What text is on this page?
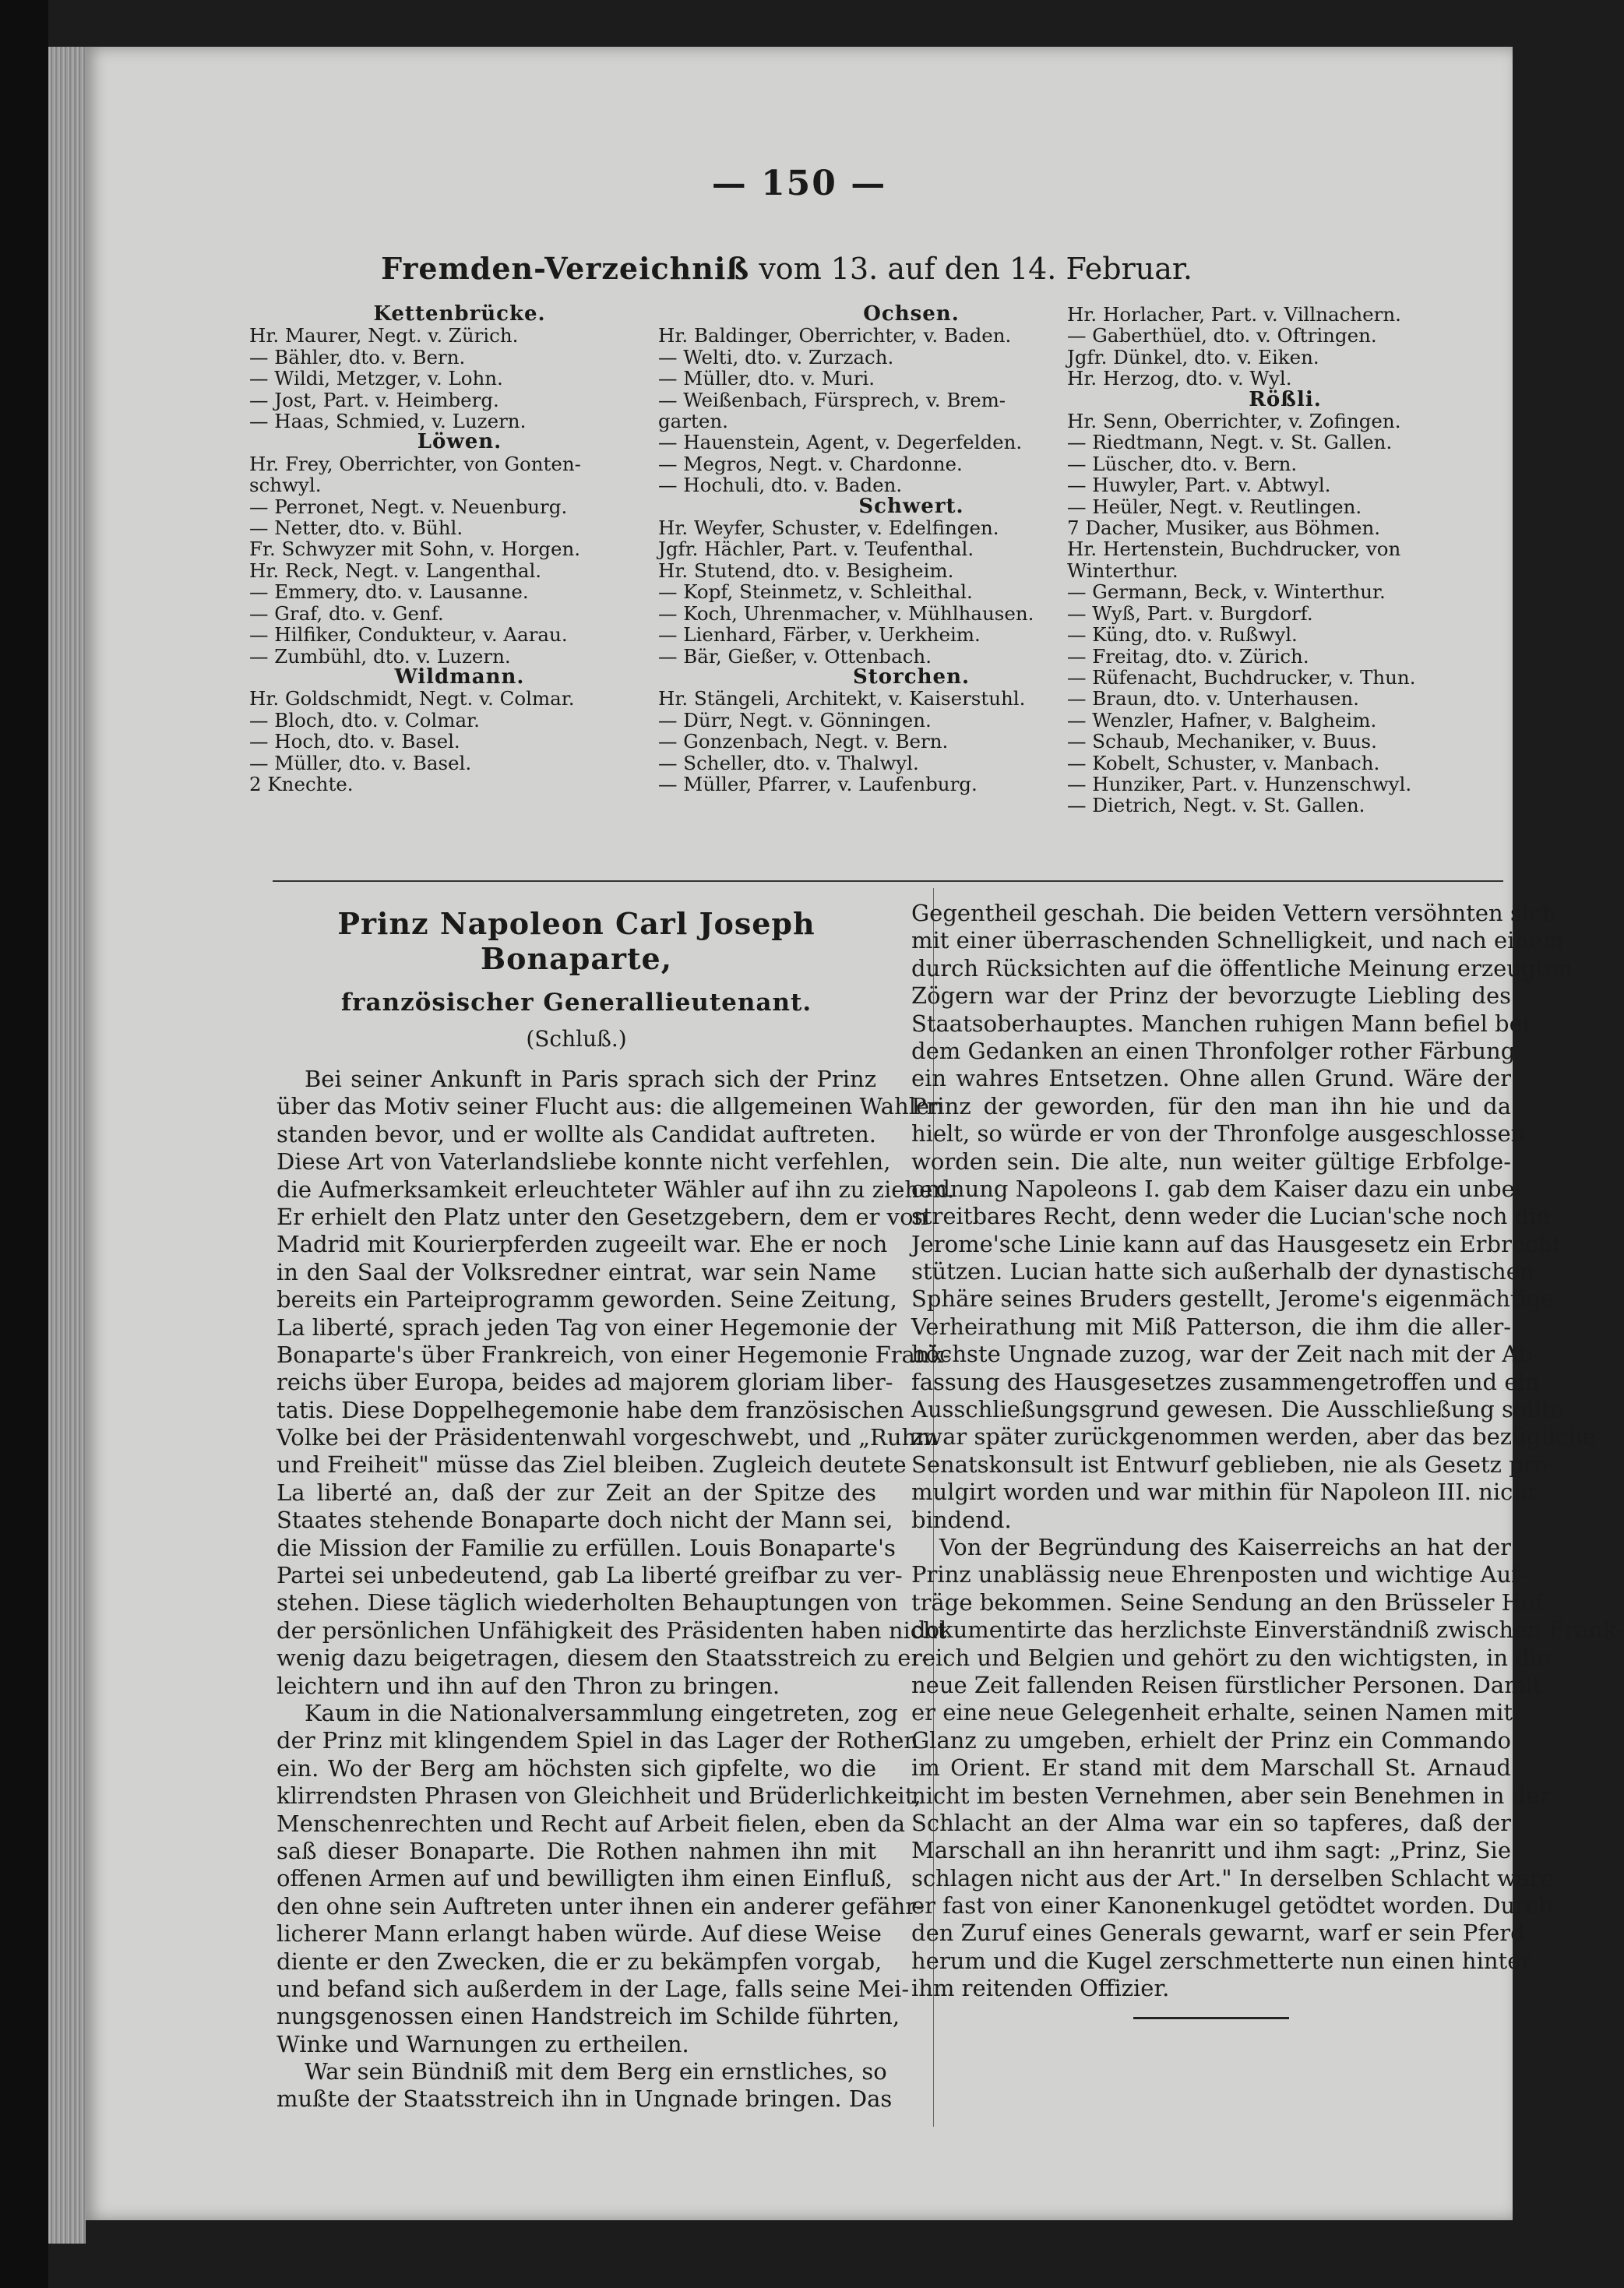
— 150 —
Fremden-Verzeichniß vom 13. auf den 14. Februar.
Kettenbrücke.
Hr. Maurer, Negt. v. Zürich.
— Bähler, dto. v. Bern.
— Wildi, Metzger, v. Lohn.
— Jost, Part. v. Heimberg.
— Haas, Schmied, v. Luzern.
Löwen.
Hr. Frey, Oberrichter, von Gonten-
schwyl.
— Perronet, Negt. v. Neuenburg.
— Netter, dto. v. Bühl.
Fr. Schwyzer mit Sohn, v. Horgen.
Hr. Reck, Negt. v. Langenthal.
— Emmery, dto. v. Lausanne.
— Graf, dto. v. Genf.
— Hilfiker, Condukteur, v. Aarau.
— Zumbühl, dto. v. Luzern.
Wildmann.
Hr. Goldschmidt, Negt. v. Colmar.
— Bloch, dto. v. Colmar.
— Hoch, dto. v. Basel.
— Müller, dto. v. Basel.
2 Knechte.
Ochsen.
Hr. Baldinger, Oberrichter, v. Baden.
— Welti, dto. v. Zurzach.
— Müller, dto. v. Muri.
— Weißenbach, Fürsprech, v. Brem-
garten.
— Hauenstein, Agent, v. Degerfelden.
— Megros, Negt. v. Chardonne.
— Hochuli, dto. v. Baden.
Schwert.
Hr. Weyfer, Schuster, v. Edelfingen.
Jgfr. Hächler, Part. v. Teufenthal.
Hr. Stutend, dto. v. Besigheim.
— Kopf, Steinmetz, v. Schleithal.
— Koch, Uhrenmacher, v. Mühlhausen.
— Lienhard, Färber, v. Uerkheim.
— Bär, Gießer, v. Ottenbach.
Storchen.
Hr. Stängeli, Architekt, v. Kaiserstuhl.
— Dürr, Negt. v. Gönningen.
— Gonzenbach, Negt. v. Bern.
— Scheller, dto. v. Thalwyl.
— Müller, Pfarrer, v. Laufenburg.
Hr. Horlacher, Part. v. Villnachern.
— Gaberthüel, dto. v. Oftringen.
Jgfr. Dünkel, dto. v. Eiken.
Hr. Herzog, dto. v. Wyl.
Rößli.
Hr. Senn, Oberrichter, v. Zofingen.
— Riedtmann, Negt. v. St. Gallen.
— Lüscher, dto. v. Bern.
— Huwyler, Part. v. Abtwyl.
— Heüler, Negt. v. Reutlingen.
7 Dacher, Musiker, aus Böhmen.
Hr. Hertenstein, Buchdrucker, von
Winterthur.
— Germann, Beck, v. Winterthur.
— Wyß, Part. v. Burgdorf.
— Küng, dto. v. Rußwyl.
— Freitag, dto. v. Zürich.
— Rüfenacht, Buchdrucker, v. Thun.
— Braun, dto. v. Unterhausen.
— Wenzler, Hafner, v. Balgheim.
— Schaub, Mechaniker, v. Buus.
— Kobelt, Schuster, v. Manbach.
— Hunziker, Part. v. Hunzenschwyl.
— Dietrich, Negt. v. St. Gallen.
Prinz Napoleon Carl Joseph Bonaparte,
französischer Generallieutenant.
(Schluß.)
Bei seiner Ankunft in Paris sprach sich der Prinz
über das Motiv seiner Flucht aus: die allgemeinen Wahlen
standen bevor, und er wollte als Candidat auftreten.
Diese Art von Vaterlandsliebe konnte nicht verfehlen,
die Aufmerksamkeit erleuchteter Wähler auf ihn zu ziehen.
Er erhielt den Platz unter den Gesetzgebern, dem er von
Madrid mit Kourierpferden zugeeilt war. Ehe er noch
in den Saal der Volksredner eintrat, war sein Name
bereits ein Parteiprogramm geworden. Seine Zeitung,
La liberté, sprach jeden Tag von einer Hegemonie der
Bonaparte's über Frankreich, von einer Hegemonie Frank-
reichs über Europa, beides ad majorem gloriam liber-
tatis. Diese Doppelhegemonie habe dem französischen
Volke bei der Präsidentenwahl vorgeschwebt, und „Ruhm
und Freiheit" müsse das Ziel bleiben. Zugleich deutete
La liberté an, daß der zur Zeit an der Spitze des
Staates stehende Bonaparte doch nicht der Mann sei,
die Mission der Familie zu erfüllen. Louis Bonaparte's
Partei sei unbedeutend, gab La liberté greifbar zu ver-
stehen. Diese täglich wiederholten Behauptungen von
der persönlichen Unfähigkeit des Präsidenten haben nicht
wenig dazu beigetragen, diesem den Staatsstreich zu er-
leichtern und ihn auf den Thron zu bringen.
Kaum in die Nationalversammlung eingetreten, zog
der Prinz mit klingendem Spiel in das Lager der Rothen
ein. Wo der Berg am höchsten sich gipfelte, wo die
klirrendsten Phrasen von Gleichheit und Brüderlichkeit,
Menschenrechten und Recht auf Arbeit fielen, eben da
saß dieser Bonaparte. Die Rothen nahmen ihn mit
offenen Armen auf und bewilligten ihm einen Einfluß,
den ohne sein Auftreten unter ihnen ein anderer gefähr-
licherer Mann erlangt haben würde. Auf diese Weise
diente er den Zwecken, die er zu bekämpfen vorgab,
und befand sich außerdem in der Lage, falls seine Mei-
nungsgenossen einen Handstreich im Schilde führten,
Winke und Warnungen zu ertheilen.
War sein Bündniß mit dem Berg ein ernstliches, so
mußte der Staatsstreich ihn in Ungnade bringen. Das
Gegentheil geschah. Die beiden Vettern versöhnten sich
mit einer überraschenden Schnelligkeit, und nach einem
durch Rücksichten auf die öffentliche Meinung erzeugten
Zögern war der Prinz der bevorzugte Liebling des
Staatsoberhauptes. Manchen ruhigen Mann befiel bei
dem Gedanken an einen Thronfolger rother Färbung
ein wahres Entsetzen. Ohne allen Grund. Wäre der
Prinz der geworden, für den man ihn hie und da
hielt, so würde er von der Thronfolge ausgeschlossen
worden sein. Die alte, nun weiter gültige Erbfolge-
ordnung Napoleons I. gab dem Kaiser dazu ein unbe-
streitbares Recht, denn weder die Lucian'sche noch die
Jerome'sche Linie kann auf das Hausgesetz ein Erbrecht
stützen. Lucian hatte sich außerhalb der dynastischen
Sphäre seines Bruders gestellt, Jerome's eigenmächtige
Verheirathung mit Miß Patterson, die ihm die aller-
höchste Ungnade zuzog, war der Zeit nach mit der Ab-
fassung des Hausgesetzes zusammengetroffen und ein
Ausschließungsgrund gewesen. Die Ausschließung sollte
zwar später zurückgenommen werden, aber das bezügliche
Senatskonsult ist Entwurf geblieben, nie als Gesetz pro-
mulgirt worden und war mithin für Napoleon III. nicht
bindend.
Von der Begründung des Kaiserreichs an hat der
Prinz unablässig neue Ehrenposten und wichtige Auf-
träge bekommen. Seine Sendung an den Brüsseler Hof
dokumentirte das herzlichste Einverständniß zwischen Frank-
reich und Belgien und gehört zu den wichtigsten, in die
neue Zeit fallenden Reisen fürstlicher Personen. Damit
er eine neue Gelegenheit erhalte, seinen Namen mit
Glanz zu umgeben, erhielt der Prinz ein Commando
im Orient. Er stand mit dem Marschall St. Arnaud
nicht im besten Vernehmen, aber sein Benehmen in der
Schlacht an der Alma war ein so tapferes, daß der
Marschall an ihn heranritt und ihm sagt: „Prinz, Sie
schlagen nicht aus der Art." In derselben Schlacht wäre
er fast von einer Kanonenkugel getödtet worden. Durch
den Zuruf eines Generals gewarnt, warf er sein Pferd
herum und die Kugel zerschmetterte nun einen hinter
ihm reitenden Offizier.
